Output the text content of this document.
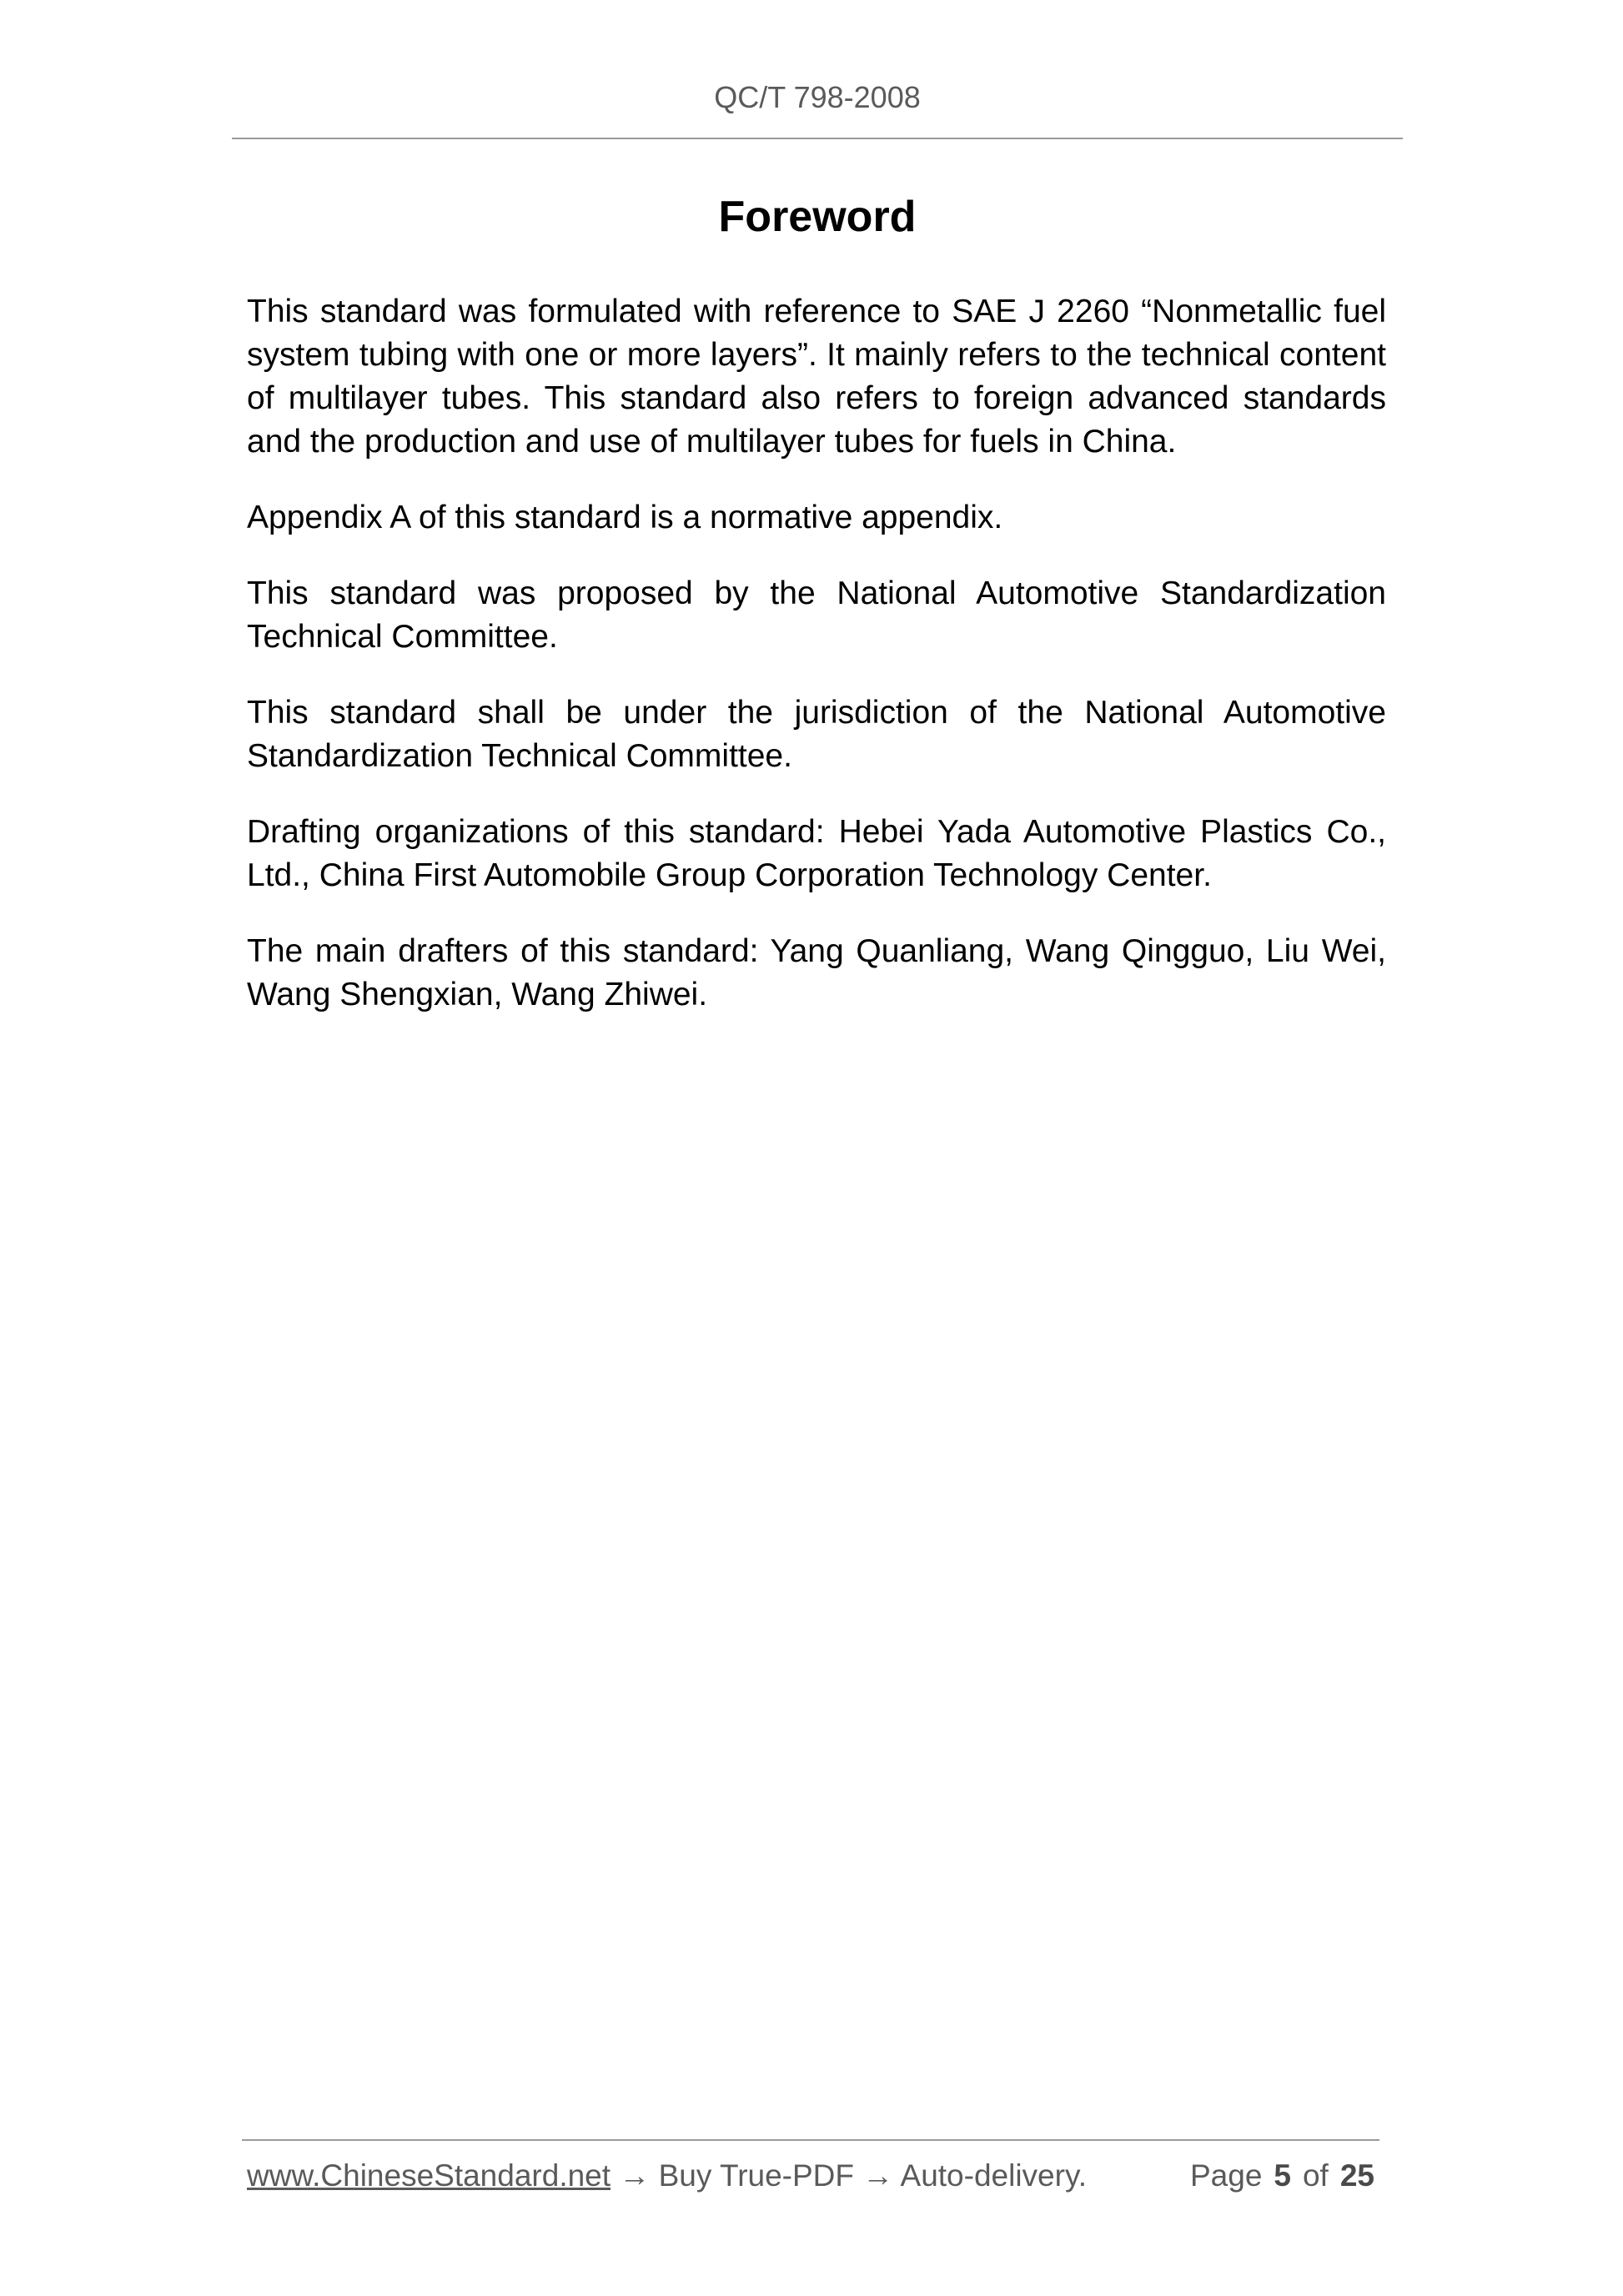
QC/T 798-2008
Foreword

This standard was formulated with reference to SAE J 2260 “Nonmetallic fuel system tubing with one or more layers”. It mainly refers to the technical content of multilayer tubes. This standard also refers to foreign advanced standards and the production and use of multilayer tubes for fuels in China.

Appendix A of this standard is a normative appendix.

This standard was proposed by the National Automotive Standardization Technical Committee.

This standard shall be under the jurisdiction of the National Automotive Standardization Technical Committee.

Drafting organizations of this standard: Hebei Yada Automotive Plastics Co., Ltd., China First Automobile Group Corporation Technology Center.

The main drafters of this standard: Yang Quanliang, Wang Qingguo, Liu Wei, Wang Shengxian, Wang Zhiwei.

www.ChineseStandard.net → Buy True-PDF → Auto-delivery.	Page 5 of 25
